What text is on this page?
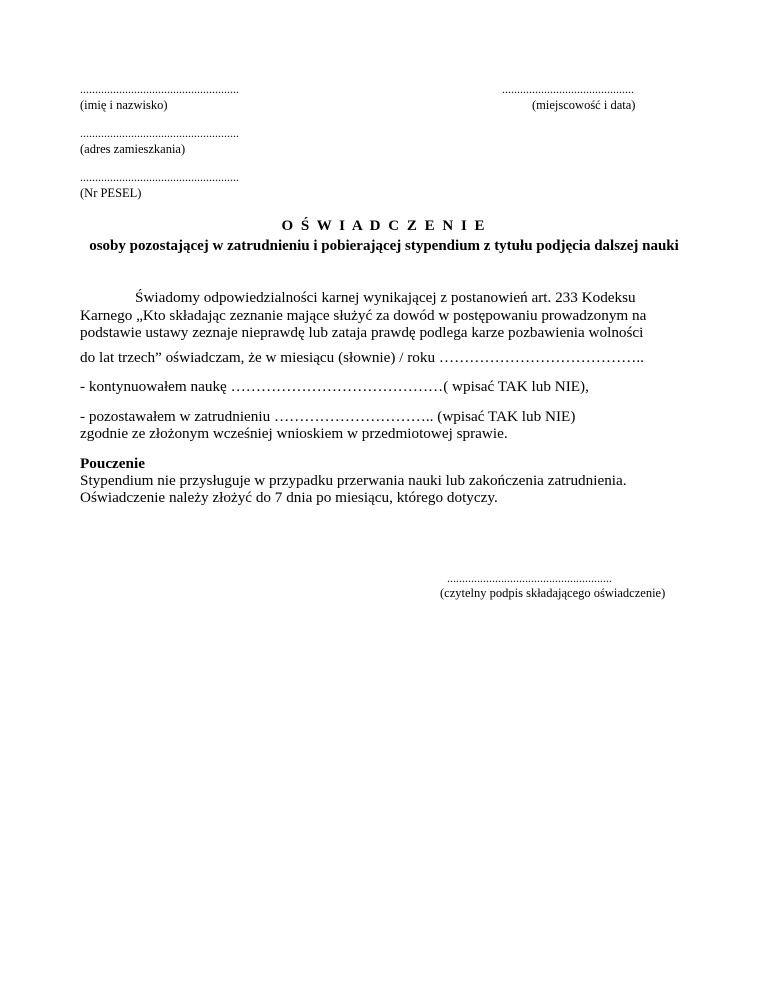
.....................................................
(imię i nazwisko)
............................................
(miejscowość i data)
.....................................................
(adres zamieszkania)
.....................................................
(Nr PESEL)
O Ś W I A D C Z E N I E
osoby pozostającej w zatrudnieniu i pobierającej stypendium z tytułu podjęcia dalszej nauki
Świadomy odpowiedzialności karnej wynikającej z postanowień art. 233 Kodeksu Karnego „Kto składając zeznanie mające służyć za dowód w postępowaniu prowadzonym na podstawie ustawy zeznaje nieprawdę lub zataja prawdę podlega karze pozbawienia wolności
do lat trzech” oświadczam, że w miesiącu (słownie) / roku …………………………………..
- kontynuowałem naukę ……………………………………( wpisać TAK lub NIE),
- pozostawałem w zatrudnieniu ………………………….. (wpisać TAK lub NIE)
zgodnie ze złożonym wcześniej wnioskiem w przedmiotowej sprawie.
Pouczenie
Stypendium nie przysługuje w przypadku przerwania nauki lub zakończenia zatrudnienia.
Oświadczenie należy złożyć do 7 dnia po miesiącu, którego dotyczy.
.......................................................
(czytelny podpis składającego oświadczenie)
